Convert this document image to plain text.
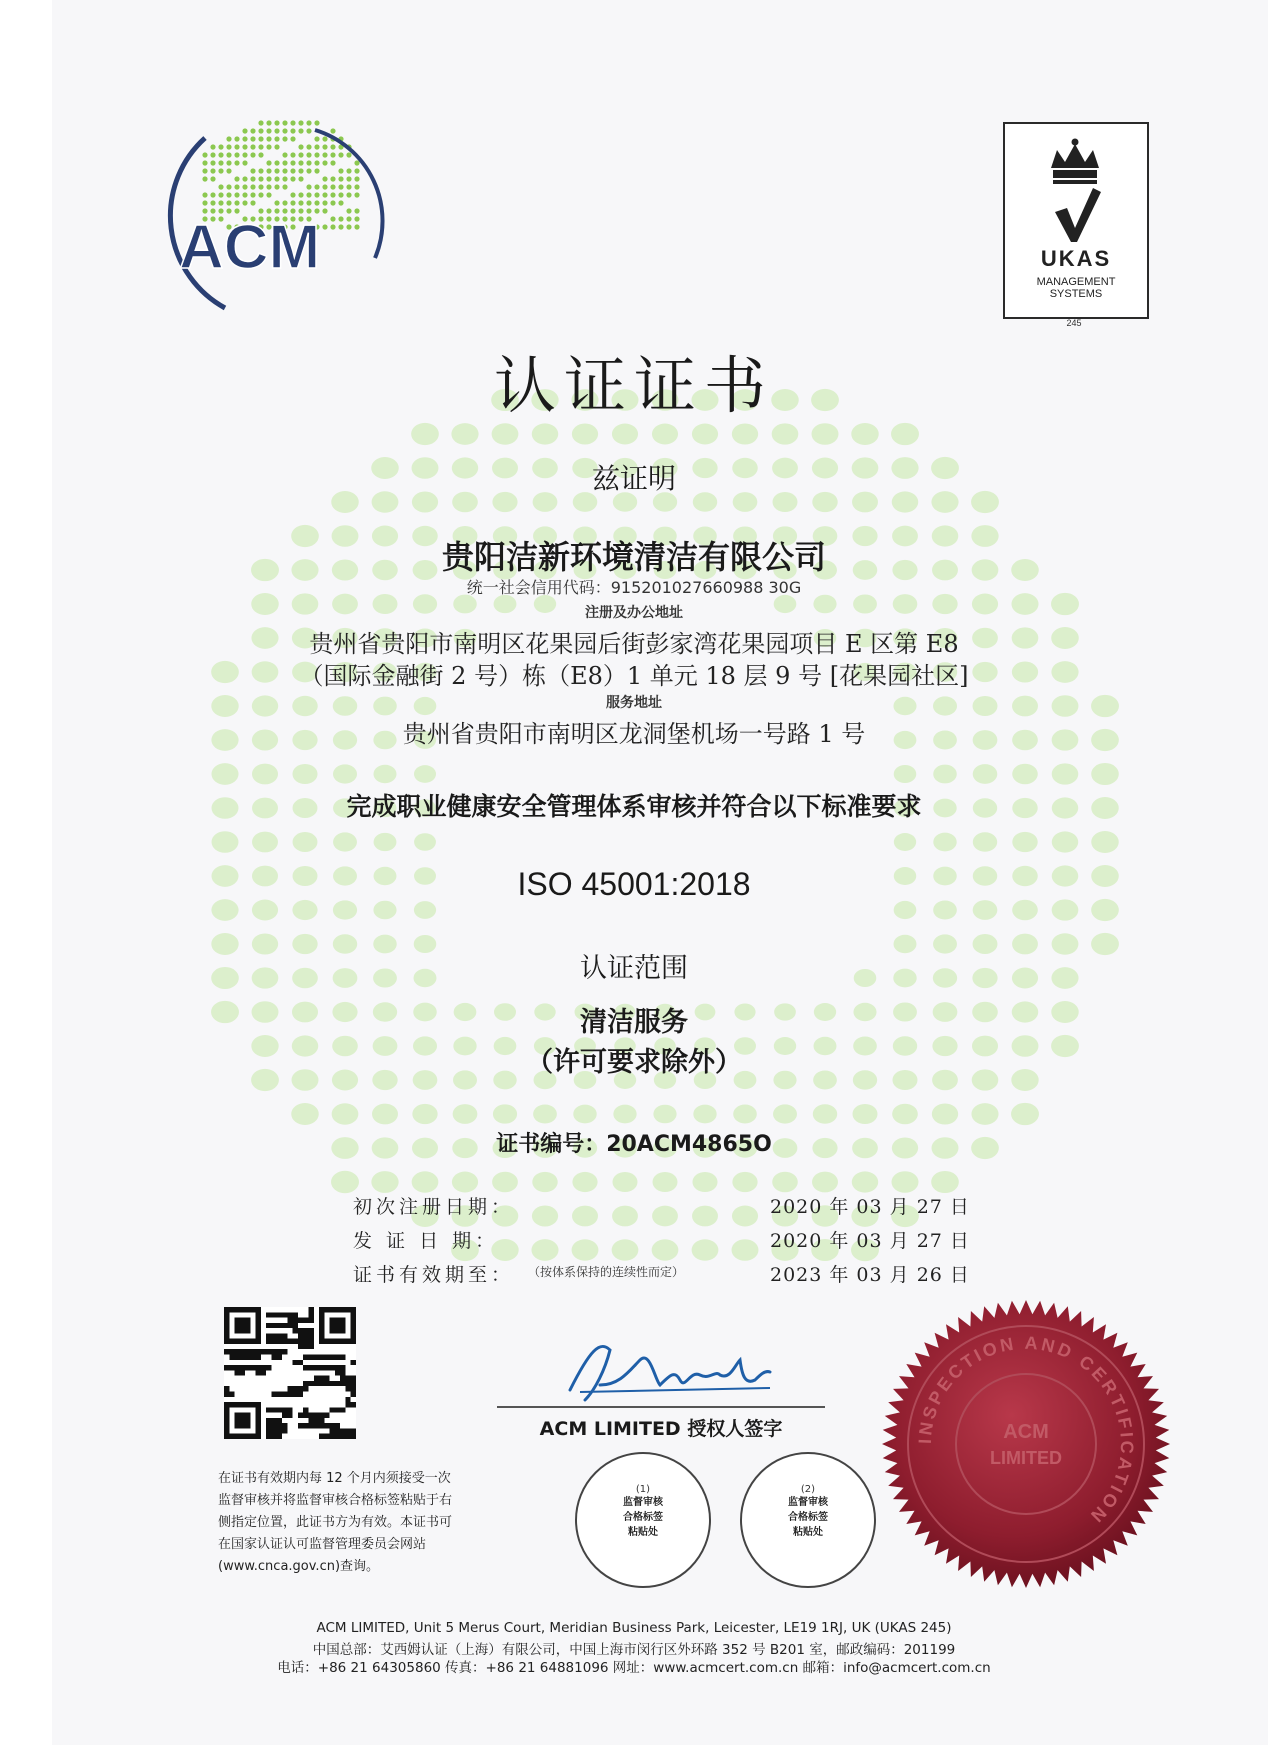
ACM	UKAS
MANAGEMENT
SYSTEMS
245
认证证书
兹证明
贵阳洁新环境清洁有限公司
统一社会信用代码：915201027660988 30G
注册及办公地址
贵州省贵阳市南明区花果园后街彭家湾花果园项目 E 区第 E8
（国际金融街 2 号）栋（E8）1 单元 18 层 9 号 [花果园社区]
服务地址
贵州省贵阳市南明区龙洞堡机场一号路 1 号
完成职业健康安全管理体系审核并符合以下标准要求
ISO 45001:2018
认证范围
清洁服务
（许可要求除外）
证书编号：20ACM4865O
初次注册日期：	2020 年 03 月 27 日
发 证 日 期：	2020 年 03 月 27 日
证书有效期至： （按体系保持的连续性而定）	2023 年 03 月 26 日
ACM LIMITED 授权人签字
在证书有效期内每 12 个月内须接受一次
监督审核并将监督审核合格标签粘贴于右
侧指定位置，此证书方为有效。本证书可
在国家认证认可监督管理委员会网站
(www.cnca.gov.cn)查询。
(1)
监督审核
合格标签
粘贴处
(2)
监督审核
合格标签
粘贴处
INSPECTION AND CERTIFICATION
ACM
LIMITED
ACM LIMITED, Unit 5 Merus Court, Meridian Business Park, Leicester, LE19 1RJ, UK (UKAS 245)
中国总部：艾西姆认证（上海）有限公司，中国上海市闵行区外环路 352 号 B201 室，邮政编码：201199
电话：+86 21 64305860 传真：+86 21 64881096 网址：www.acmcert.com.cn 邮箱：info@acmcert.com.cn
